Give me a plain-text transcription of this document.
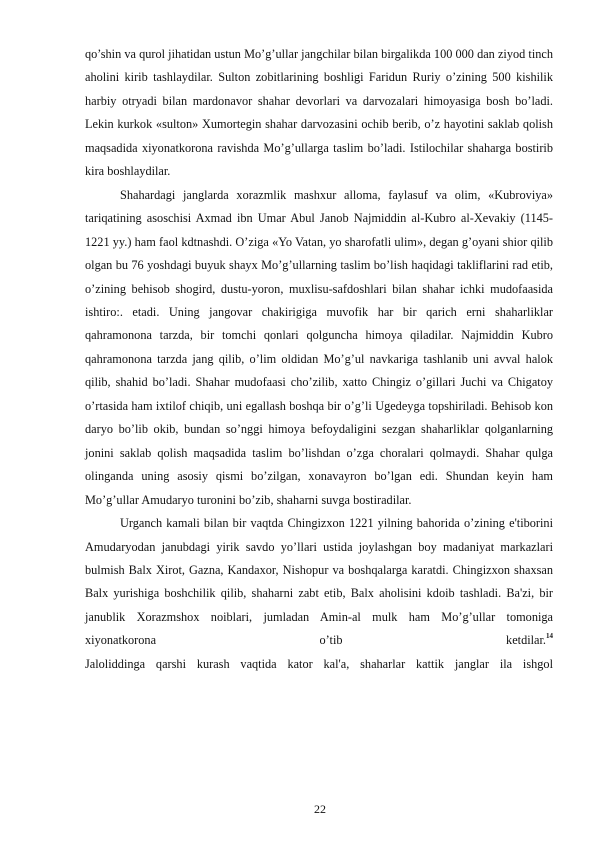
qo’shin va qurol jihatidan ustun Mo’g’ullar jangchilar bilan birgalikda 100 000 dan ziyod tinch aholini kirib tashlaydilar. Sulton zobitlarining boshligi Faridun Ruriy o’zining 500 kishilik harbiy otryadi bilan mardonavor shahar devorlari va darvozalari himoyasiga bosh bo’ladi. Lekin kurkok «sulton» Xumortegin shahar darvozasini ochib berib, o’z hayotini saklab qolish maqsadida xiyonatkorona ravishda Mo’g’ullarga taslim bo’ladi. Istilochilar shaharga bostirib kira boshlaydilar.

Shahardagi janglarda xorazmlik mashxur alloma, faylasuf va olim, «Kubroviya» tariqatining asoschisi Axmad ibn Umar Abul Janob Najmiddin al-Kubro al-Xevakiy (1145-1221 yy.) ham faol kdtnashdi. O’ziga «Yo Vatan, yo sharofatli ulim», degan g’oyani shior qilib olgan bu 76 yoshdagi buyuk shayx Mo’g’ullarning taslim bo’lish haqidagi takliflarini rad etib, o’zining behisob shogird, dustu-yoron, muxlisu-safdoshlari bilan shahar ichki mudofaasida ishtiro:. etadi. Uning jangovar chakirigiga muvofik har bir qarich erni shaharliklar qahramonona tarzda, bir tomchi qonlari qolguncha himoya qiladilar. Najmiddin Kubro qahramonona tarzda jang qilib, o’lim oldidan Mo’g’ul navkariga tashlanib uni avval halok qilib, shahid bo’ladi. Shahar mudofaasi cho’zilib, xatto Chingiz o’gillari Juchi va Chigatoy o’rtasida ham ixtilof chiqib, uni egallash boshqa bir o’g’li Ugedeyga topshiriladi. Behisob kon daryo bo’lib okib, bundan so’nggi himoya befoydaligini sezgan shaharliklar qolganlarning jonini saklab qolish maqsadida taslim bo’lishdan o’zga choralari qolmaydi. Shahar qulga olinganda uning asosiy qismi bo’zilgan, xonavayron bo’lgan edi. Shundan keyin ham Mo’g’ullar Amudaryo turonini bo’zib, shaharni suvga bostiradilar.

Urganch kamali bilan bir vaqtda Chingizxon 1221 yilning bahorida o’zining e'tiborini Amudaryodan janubdagi yirik savdo yo’llari ustida joylashgan boy madaniyat markazlari bulmish Balx Xirot, Gazna, Kandaxor, Nishopur va boshqalarga karatdi. Chingizxon shaxsan Balx yurishiga boshchilik qilib, shaharni zabt etib, Balx aholisini kdoib tashladi. Ba'zi, bir janublik Xorazmshox noiblari, jumladan Amin-al mulk ham Mo’g’ullar tomoniga xiyonatkorona o’tib ketdilar.$^{14}$

Jaloliddinga qarshi kurash vaqtida kator kal'a, shaharlar kattik janglar ila ishgol

22
